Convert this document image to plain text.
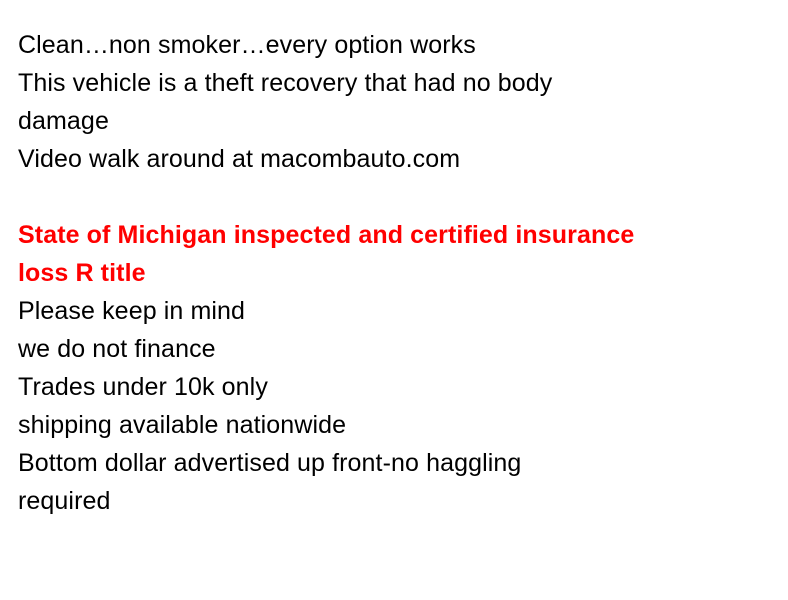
Clean…non smoker…every option works
This vehicle is a theft recovery that had no body
damage
Video walk around at macombauto.com
State of Michigan inspected and certified insurance
loss R title
Please keep in mind
we do not finance
Trades under 10k only
shipping available nationwide
Bottom dollar advertised up front-no haggling
required
